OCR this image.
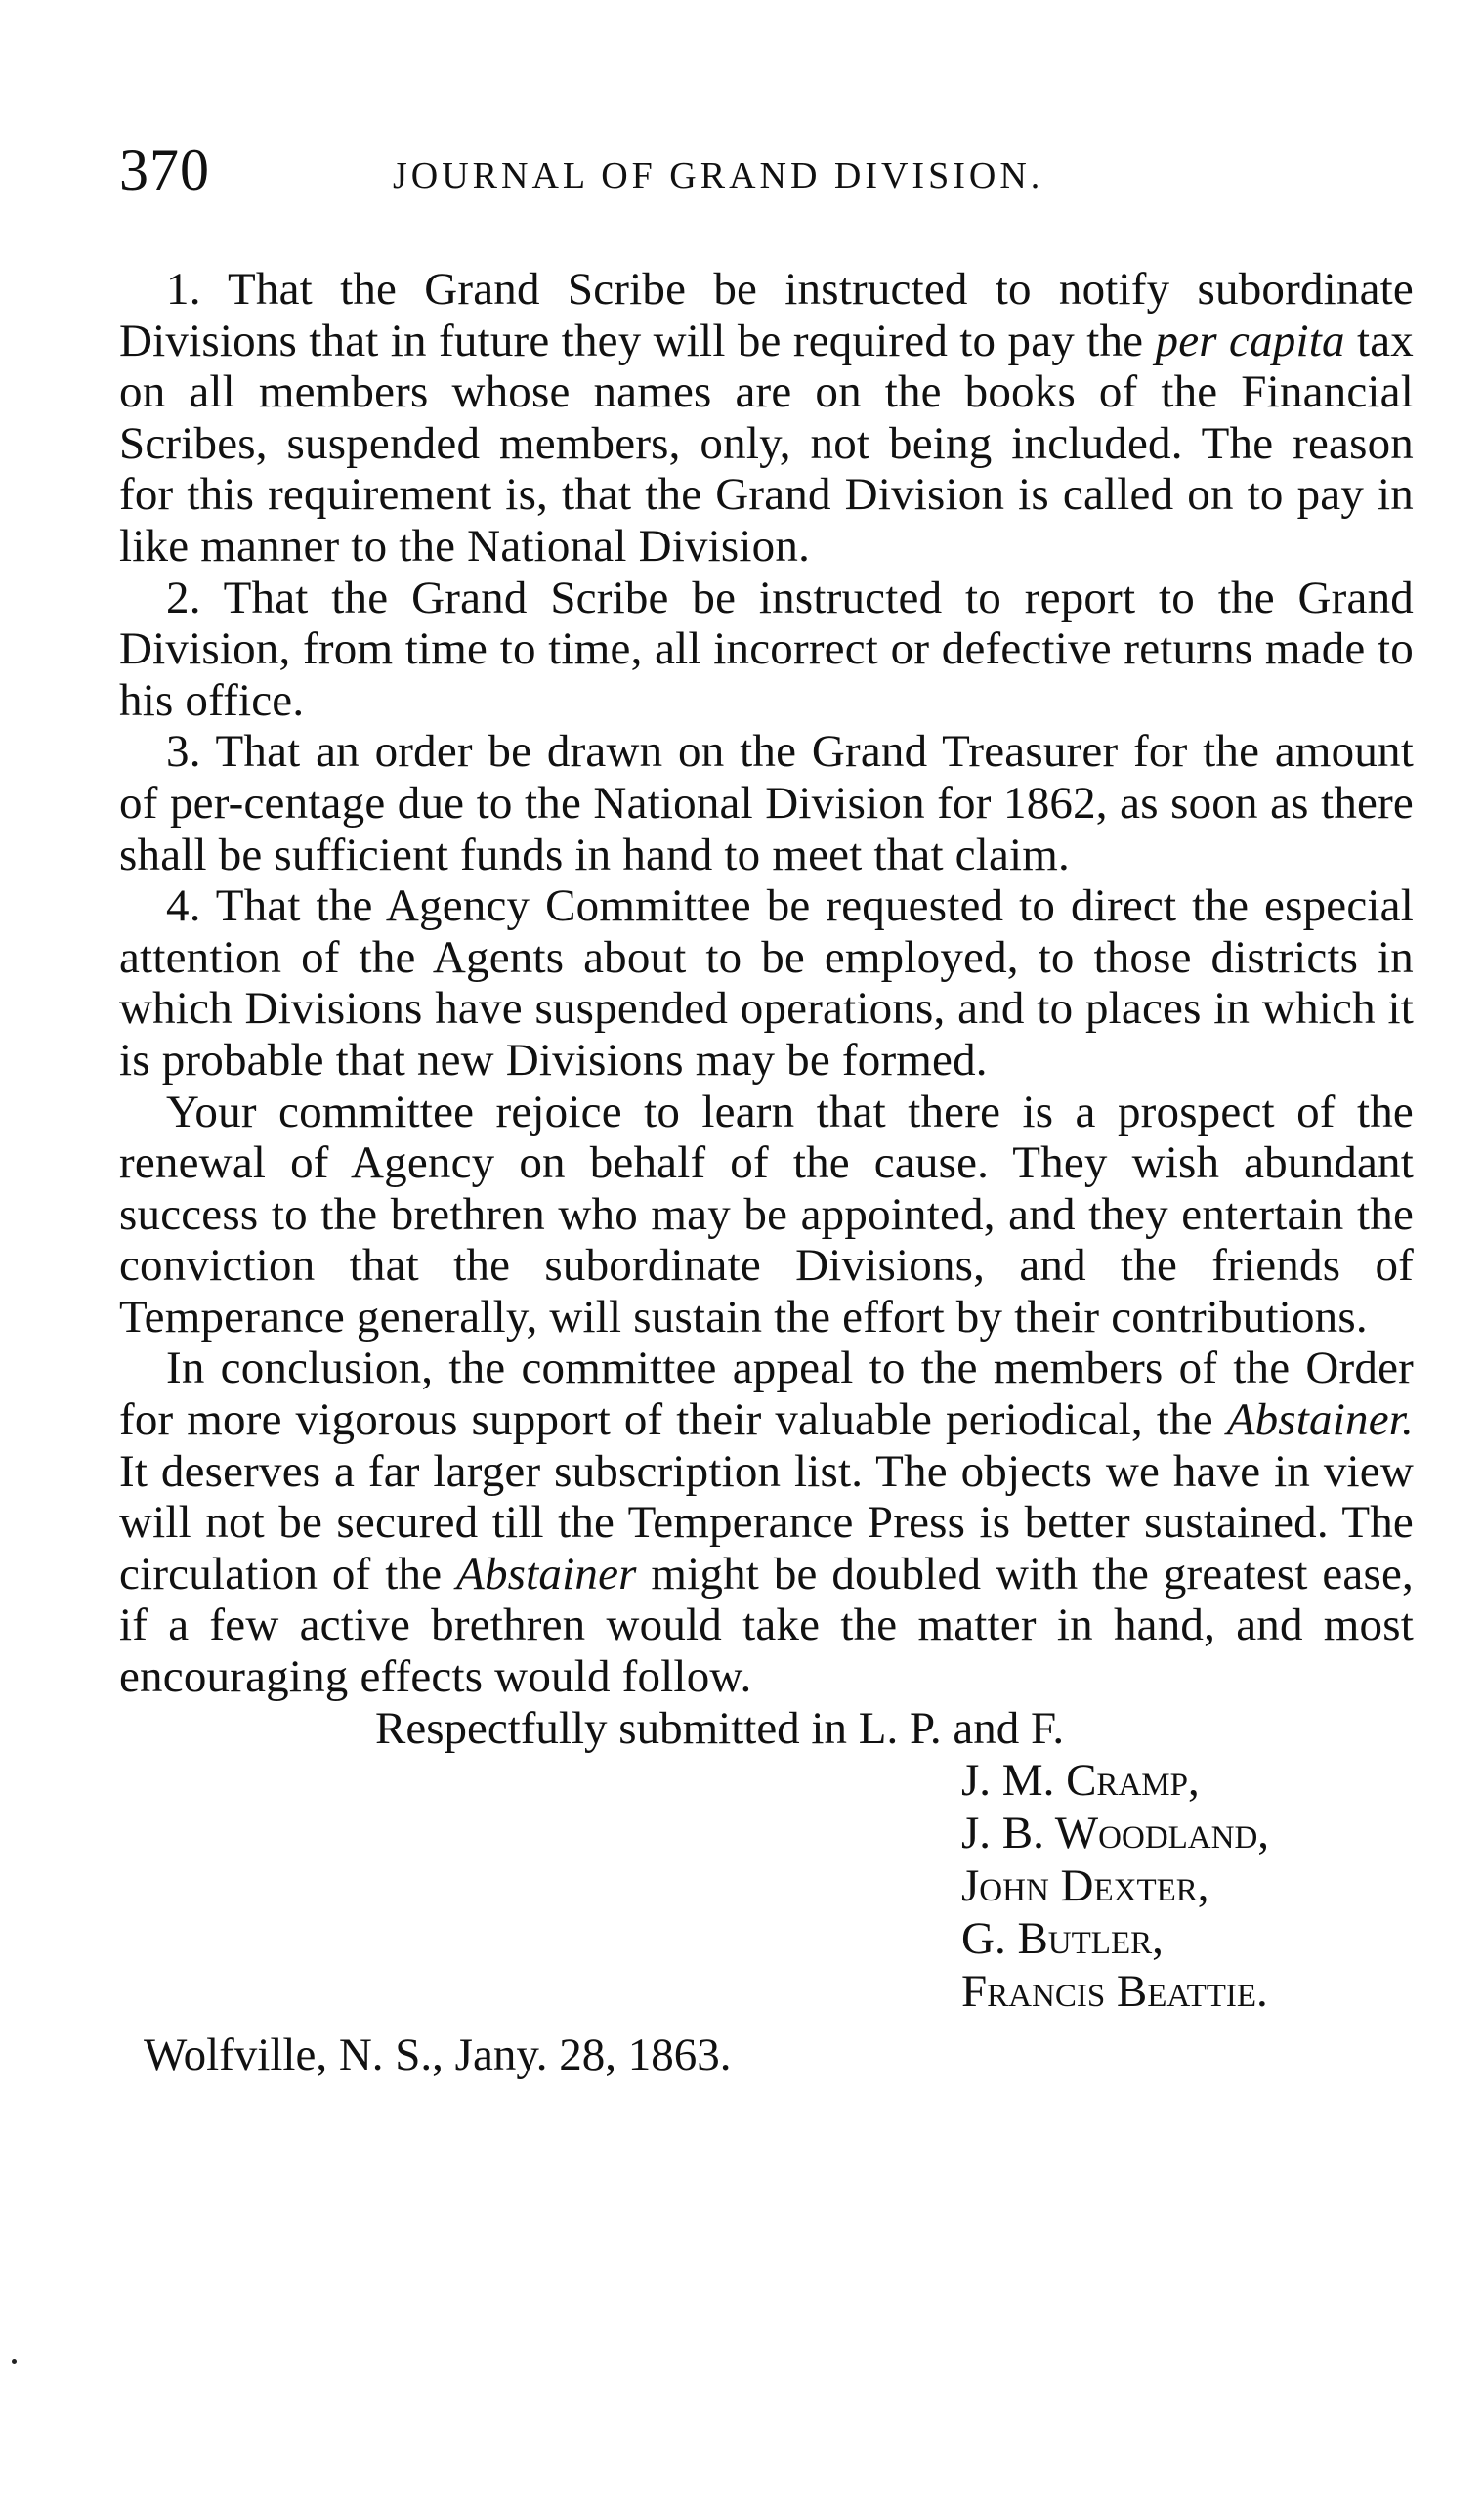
370	JOURNAL OF GRAND DIVISION.

1. That the Grand Scribe be instructed to notify subordinate Divisions that in future they will be required to pay the per capita tax on all members whose names are on the books of the Financial Scribes, suspended members, only, not being included. The reason for this requirement is, that the Grand Division is called on to pay in like manner to the National Division.

2. That the Grand Scribe be instructed to report to the Grand Division, from time to time, all incorrect or defective returns made to his office.

3. That an order be drawn on the Grand Treasurer for the amount of per-centage due to the National Division for 1862, as soon as there shall be sufficient funds in hand to meet that claim.

4. That the Agency Committee be requested to direct the especial attention of the Agents about to be employed, to those districts in which Divisions have suspended operations, and to places in which it is probable that new Divisions may be formed.

Your committee rejoice to learn that there is a prospect of the renewal of Agency on behalf of the cause. They wish abundant success to the brethren who may be appointed, and they entertain the conviction that the subordinate Divisions, and the friends of Temperance generally, will sustain the effort by their contributions.

In conclusion, the committee appeal to the members of the Order for more vigorous support of their valuable periodical, the Abstainer. It deserves a far larger subscription list. The objects we have in view will not be secured till the Temperance Press is better sustained. The circulation of the Abstainer might be doubled with the greatest ease, if a few active brethren would take the matter in hand, and most encouraging effects would follow.

Respectfully submitted in L. P. and F.
J. M. Cramp,
J. B. Woodland,
John Dexter,
G. Butler,
Francis Beattie.
Wolfville, N. S., Jany. 28, 1863.
